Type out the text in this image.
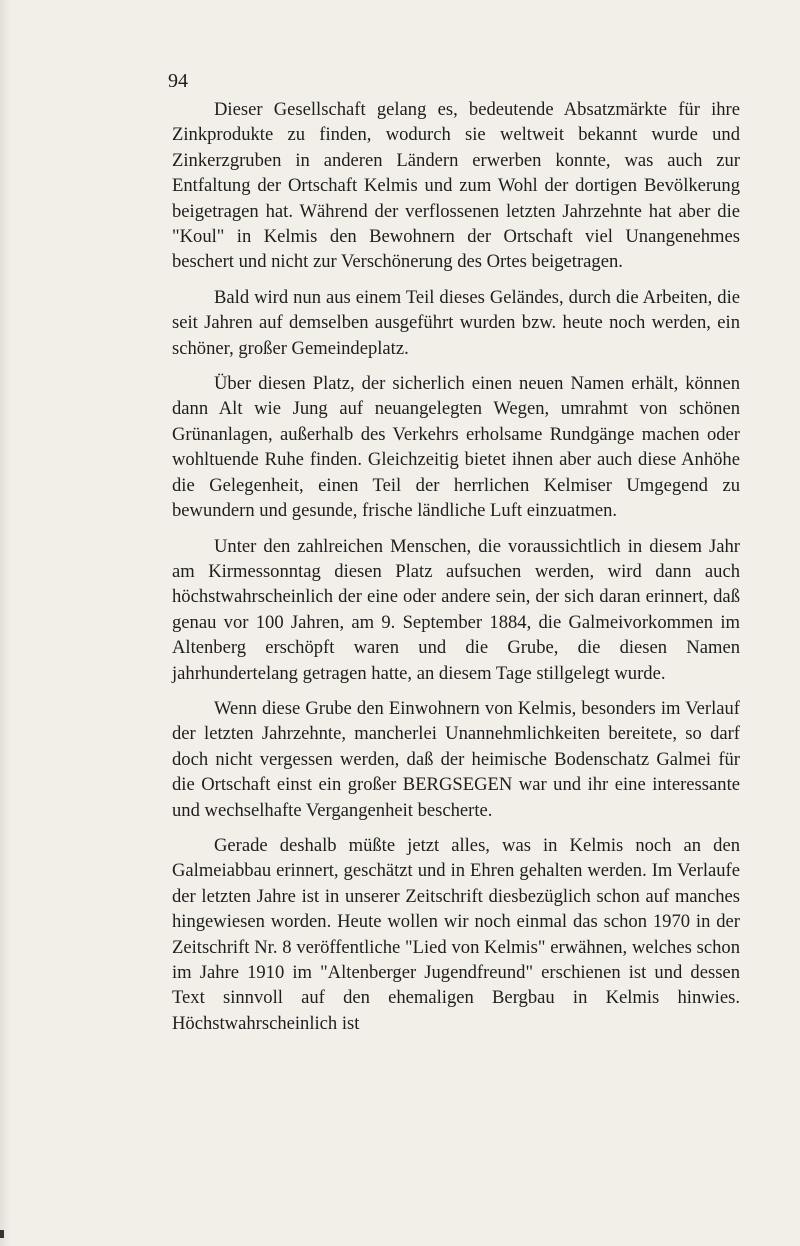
94

Dieser Gesellschaft gelang es, bedeutende Absatzmärkte für ihre Zinkprodukte zu finden, wodurch sie weltweit bekannt wurde und Zinkerzgruben in anderen Ländern erwerben konnte, was auch zur Entfaltung der Ortschaft Kelmis und zum Wohl der dortigen Bevölkerung beigetragen hat. Während der verflossenen letzten Jahrzehnte hat aber die "Koul" in Kelmis den Bewohnern der Ortschaft viel Unangenehmes beschert und nicht zur Verschönerung des Ortes beigetragen.

Bald wird nun aus einem Teil dieses Geländes, durch die Arbeiten, die seit Jahren auf demselben ausgeführt wurden bzw. heute noch werden, ein schöner, großer Gemeindeplatz.

Über diesen Platz, der sicherlich einen neuen Namen erhält, können dann Alt wie Jung auf neuangelegten Wegen, umrahmt von schönen Grünanlagen, außerhalb des Verkehrs erholsame Rundgänge machen oder wohltuende Ruhe finden. Gleichzeitig bietet ihnen aber auch diese Anhöhe die Gelegenheit, einen Teil der herrlichen Kelmiser Umgegend zu bewundern und gesunde, frische ländliche Luft einzuatmen.

Unter den zahlreichen Menschen, die voraussichtlich in diesem Jahr am Kirmessonntag diesen Platz aufsuchen werden, wird dann auch höchstwahrscheinlich der eine oder andere sein, der sich daran erinnert, daß genau vor 100 Jahren, am 9. September 1884, die Galmeivorkommen im Altenberg erschöpft waren und die Grube, die diesen Namen jahrhundertelang getragen hatte, an diesem Tage stillgelegt wurde.

Wenn diese Grube den Einwohnern von Kelmis, besonders im Verlauf der letzten Jahrzehnte, mancherlei Unannehmlichkeiten bereitete, so darf doch nicht vergessen werden, daß der heimische Bodenschatz Galmei für die Ortschaft einst ein großer BERGSEGEN war und ihr eine interessante und wechselhafte Vergangenheit bescherte.

Gerade deshalb müßte jetzt alles, was in Kelmis noch an den Galmeiabbau erinnert, geschätzt und in Ehren gehalten werden. Im Verlaufe der letzten Jahre ist in unserer Zeitschrift diesbezüglich schon auf manches hingewiesen worden. Heute wollen wir noch einmal das schon 1970 in der Zeitschrift Nr. 8 veröffentliche "Lied von Kelmis" erwähnen, welches schon im Jahre 1910 im "Altenberger Jugendfreund" erschienen ist und dessen Text sinnvoll auf den ehemaligen Bergbau in Kelmis hinwies. Höchstwahrscheinlich ist
